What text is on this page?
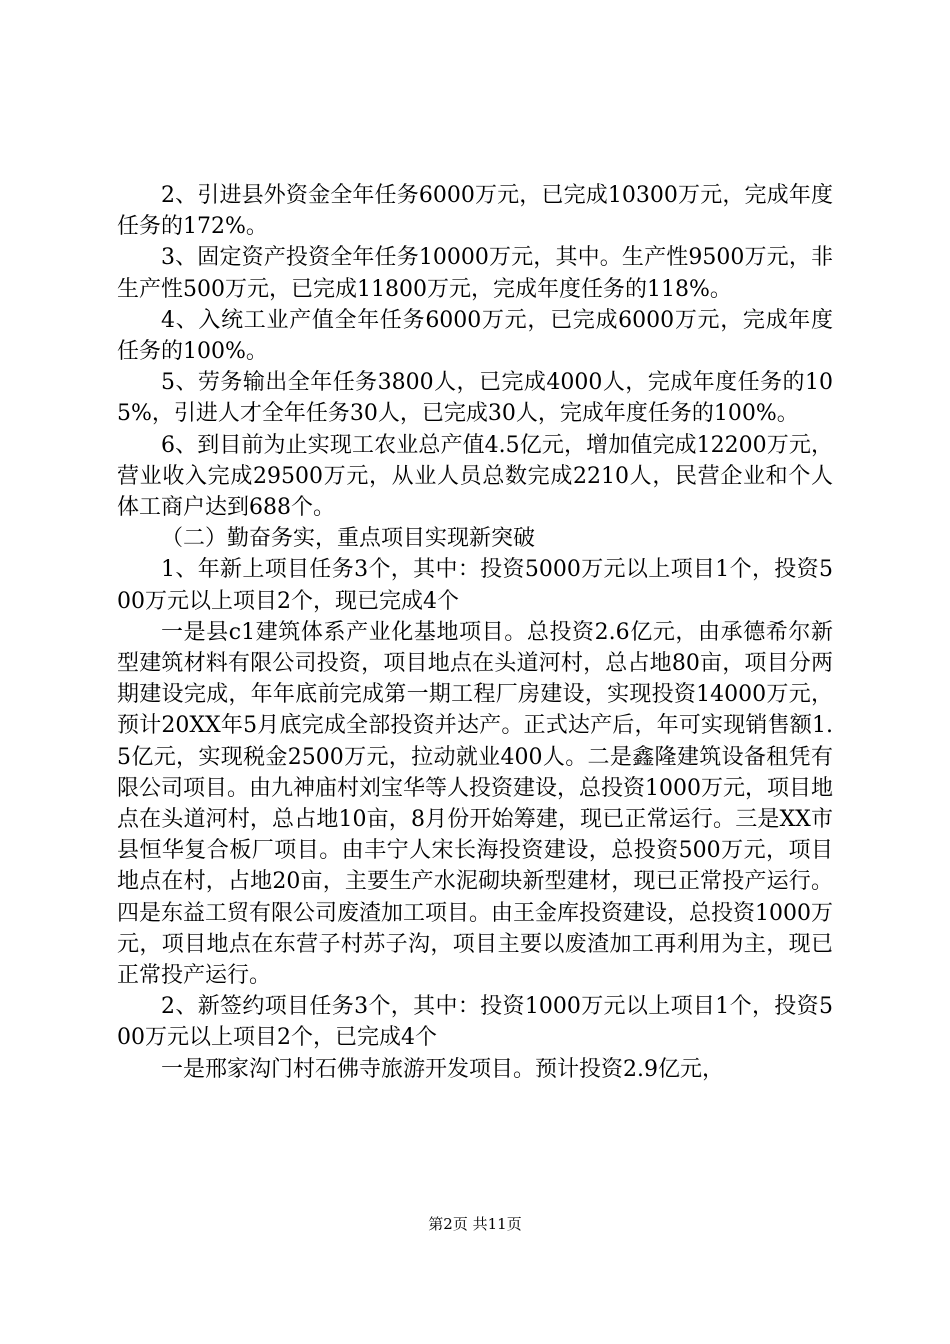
2、引进县外资金全年任务6000万元，已完成10300万元，完成年度任务的172%。

3、固定资产投资全年任务10000万元，其中。生产性9500万元，非生产性500万元，已完成11800万元，完成年度任务的118%。

4、入统工业产值全年任务6000万元，已完成6000万元，完成年度任务的100%。

5、劳务输出全年任务3800人，已完成4000人，完成年度任务的105%，引进人才全年任务30人，已完成30人，完成年度任务的100%。

6、到目前为止实现工农业总产值4.5亿元，增加值完成12200万元，营业收入完成29500万元，从业人员总数完成2210人，民营企业和个人体工商户达到688个。

（二）勤奋务实，重点项目实现新突破

1、年新上项目任务3个，其中：投资5000万元以上项目1个，投资500万元以上项目2个，现已完成4个

一是县c1建筑体系产业化基地项目。总投资2.6亿元，由承德希尔新型建筑材料有限公司投资，项目地点在头道河村，总占地80亩，项目分两期建设完成，年年底前完成第一期工程厂房建设，实现投资14000万元，预计20XX年5月底完成全部投资并达产。正式达产后，年可实现销售额1.5亿元，实现税金2500万元，拉动就业400人。二是鑫隆建筑设备租凭有限公司项目。由九神庙村刘宝华等人投资建设，总投资1000万元，项目地点在头道河村，总占地10亩，8月份开始筹建，现已正常运行。三是XX市县恒华复合板厂项目。由丰宁人宋长海投资建设，总投资500万元，项目地点在村，占地20亩，主要生产水泥砌块新型建材，现已正常投产运行。四是东益工贸有限公司废渣加工项目。由王金库投资建设，总投资1000万元，项目地点在东营子村苏子沟，项目主要以废渣加工再利用为主，现已正常投产运行。

2、新签约项目任务3个，其中：投资1000万元以上项目1个，投资500万元以上项目2个，已完成4个

一是邢家沟门村石佛寺旅游开发项目。预计投资2.9亿元，

第2页 共11页
